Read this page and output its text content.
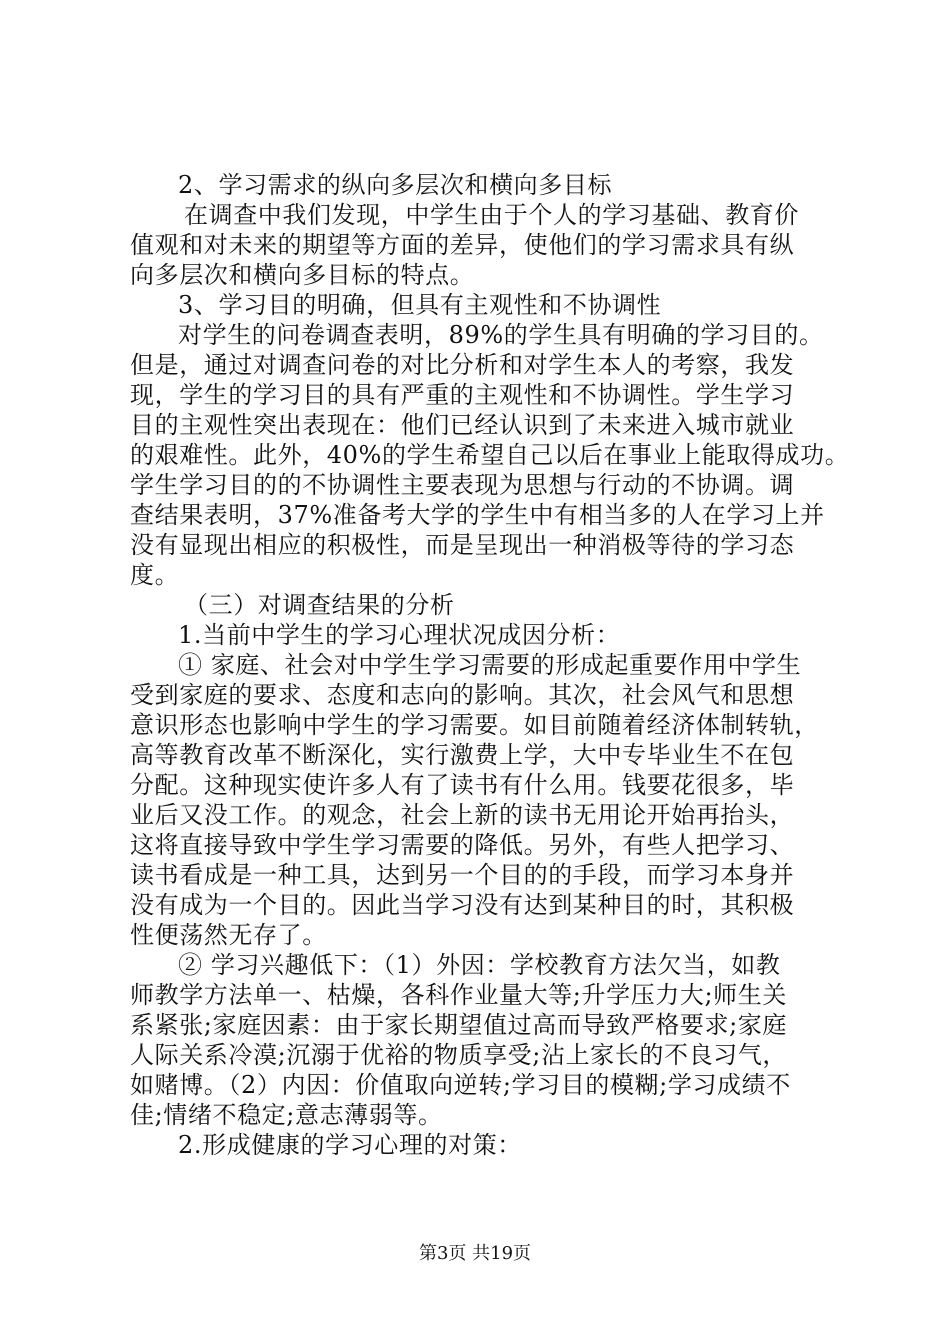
2、学习需求的纵向多层次和横向多目标
在调查中我们发现，中学生由于个人的学习基础、教育价
值观和对未来的期望等方面的差异，使他们的学习需求具有纵
向多层次和横向多目标的特点。
3、学习目的明确，但具有主观性和不协调性
对学生的问卷调查表明，89%的学生具有明确的学习目的。
但是，通过对调查问卷的对比分析和对学生本人的考察，我发
现，学生的学习目的具有严重的主观性和不协调性。学生学习
目的主观性突出表现在：他们已经认识到了未来进入城市就业
的艰难性。此外，40%的学生希望自己以后在事业上能取得成功。
学生学习目的的不协调性主要表现为思想与行动的不协调。调
查结果表明，37%准备考大学的学生中有相当多的人在学习上并
没有显现出相应的积极性，而是呈现出一种消极等待的学习态
度。
（三）对调查结果的分析
1.当前中学生的学习心理状况成因分析：
① 家庭、社会对中学生学习需要的形成起重要作用中学生
受到家庭的要求、态度和志向的影响。其次，社会风气和思想
意识形态也影响中学生的学习需要。如目前随着经济体制转轨，
高等教育改革不断深化，实行激费上学，大中专毕业生不在包
分配。这种现实使许多人有了读书有什么用。钱要花很多，毕
业后又没工作。的观念，社会上新的读书无用论开始再抬头，
这将直接导致中学生学习需要的降低。另外，有些人把学习、
读书看成是一种工具，达到另一个目的的手段，而学习本身并
没有成为一个目的。因此当学习没有达到某种目的时，其积极
性便荡然无存了。
② 学习兴趣低下：（1）外因：学校教育方法欠当，如教
师教学方法单一、枯燥，各科作业量大等;升学压力大;师生关
系紧张;家庭因素：由于家长期望值过高而导致严格要求;家庭
人际关系冷漠;沉溺于优裕的物质享受;沾上家长的不良习气，
如赌博。（2）内因：价值取向逆转;学习目的模糊;学习成绩不
佳;情绪不稳定;意志薄弱等。
2.形成健康的学习心理的对策：
第3页 共19页
